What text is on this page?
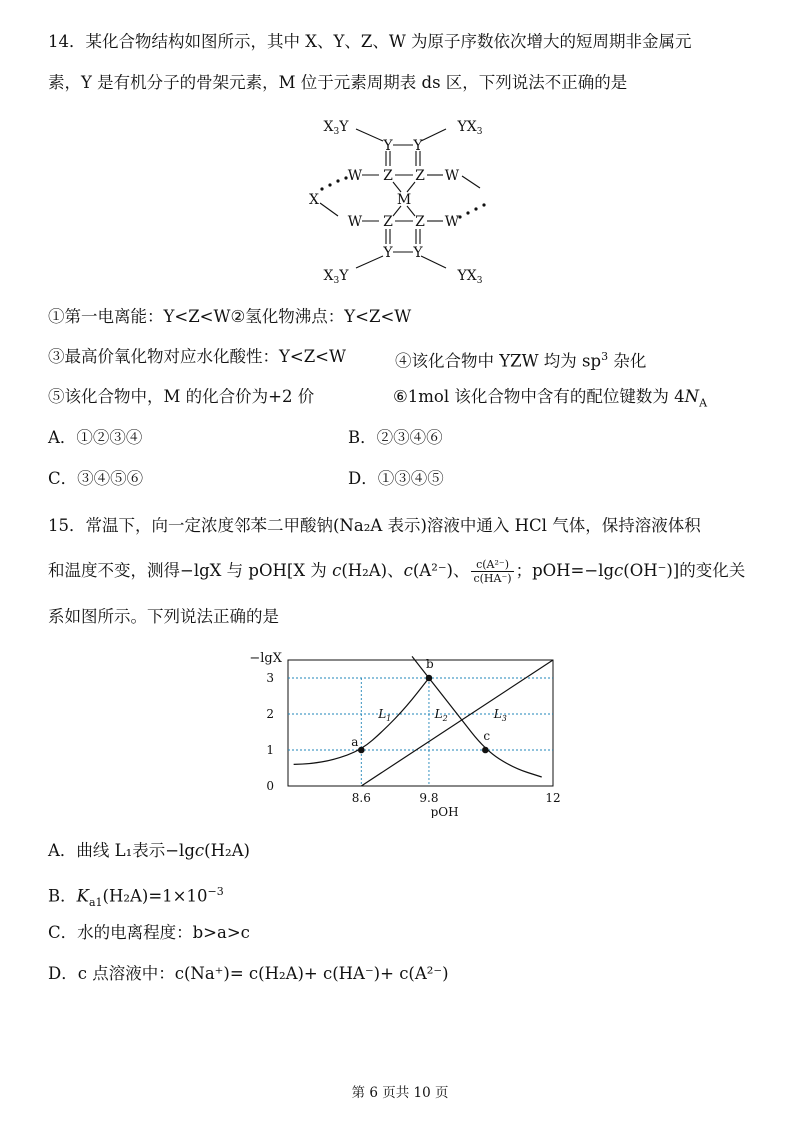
14．某化合物结构如图所示，其中 X、Y、Z、W 为原子序数依次增大的短周期非金属元
素，Y 是有机分子的骨架元素，M 位于元素周期表 ds 区，下列说法不正确的是
$X_3Y$	$YX_3$
Y Y
Z Z
W	W
M
X
W	W
Z Z
Y Y
$X_3Y$	$YX_3$
①第一电离能：Y<Z<W②氢化物沸点：Y<Z<W
③最高价氧化物对应水化酸性：Y<Z<W	④该化合物中 YZW 均为 $sp^3$ 杂化
⑤该化合物中，M 的化合价为+2 价	⑥1mol 该化合物中含有的配位键数为 $4N_A$
A．①②③④	B．②③④⑥
C．③④⑤⑥	D．①③④⑤
15．常温下，向一定浓度邻苯二甲酸钠(Na₂A 表示)溶液中通入 HCl 气体，保持溶液体积
和温度不变，测得−lgX 与 pOH[X 为 c(H₂A)、c(A²⁻)、 $\frac{\text{c(A²⁻)}}{c(HA^-)}$ ；pOH=−lgc(OH⁻)]的变化关
系如图所示。下列说法正确的是
0
1
2
3
8.6	9.8	12
−lgX
pOH
$L_1$	$L_2$	$L_3$
a
b
c
A．曲线 L₁表示−lgc(H₂A)
B．$K_{a1}(H_2A)=1\times 10^{-3}$
C．水的电离程度：b>a>c
D．c 点溶液中：c(Na⁺)= c(H₂A)+ c(HA⁻)+ c(A²⁻)
第 6 页共 10 页
